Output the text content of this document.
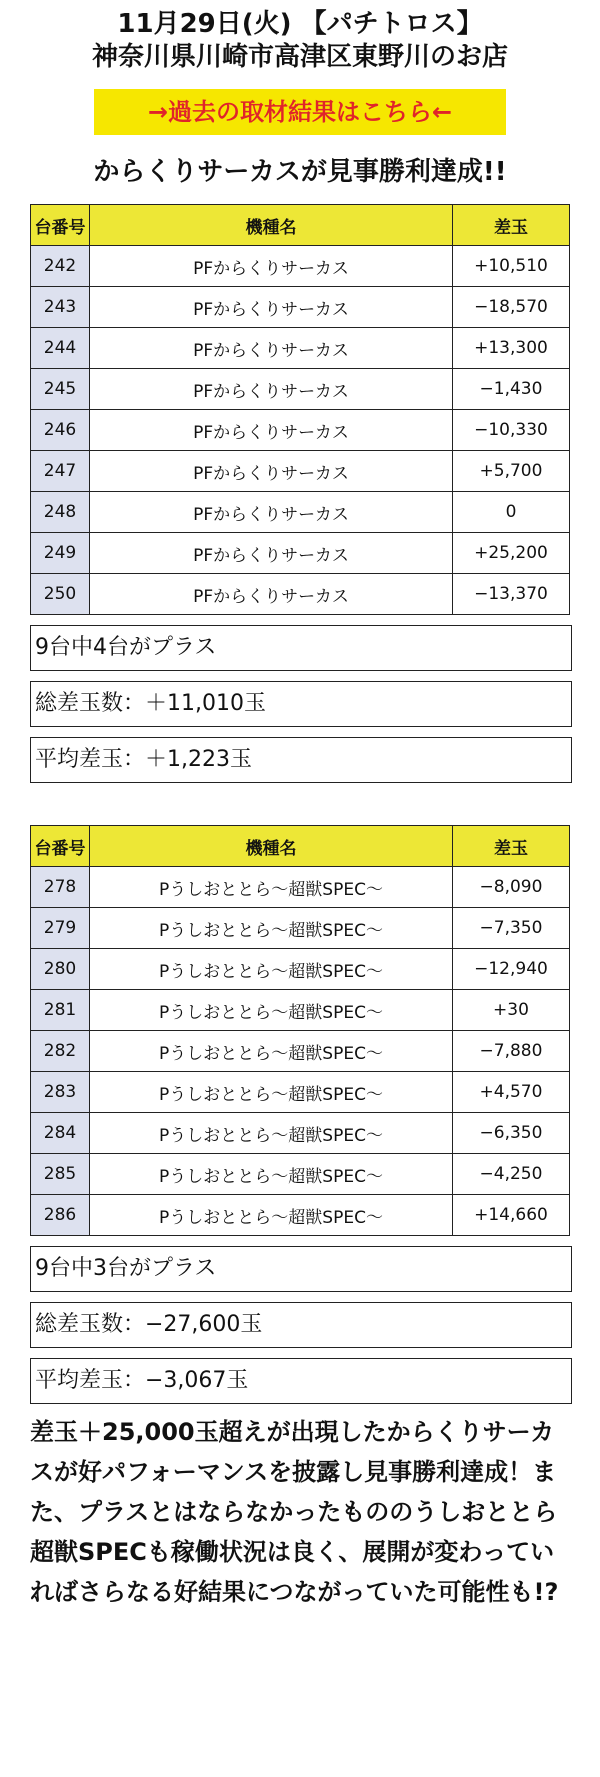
11月29日(火) 【パチトロス】
神奈川県川崎市高津区東野川のお店
→過去の取材結果はこちら←
からくりサーカスが見事勝利達成!!
台番号	機種名	差玉
242	PFからくりサーカス	+10,510
243	PFからくりサーカス	−18,570
244	PFからくりサーカス	+13,300
245	PFからくりサーカス	−1,430
246	PFからくりサーカス	−10,330
247	PFからくりサーカス	+5,700
248	PFからくりサーカス	0
249	PFからくりサーカス	+25,200
250	PFからくりサーカス	−13,370
9台中4台がプラス
総差玉数：＋11,010玉
平均差玉：＋1,223玉
台番号	機種名	差玉
278	Pうしおととら〜超獣SPEC〜	−8,090
279	Pうしおととら〜超獣SPEC〜	−7,350
280	Pうしおととら〜超獣SPEC〜	−12,940
281	Pうしおととら〜超獣SPEC〜	+30
282	Pうしおととら〜超獣SPEC〜	−7,880
283	Pうしおととら〜超獣SPEC〜	+4,570
284	Pうしおととら〜超獣SPEC〜	−6,350
285	Pうしおととら〜超獣SPEC〜	−4,250
286	Pうしおととら〜超獣SPEC〜	+14,660
9台中3台がプラス
総差玉数：−27,600玉
平均差玉：−3,067玉
差玉＋25,000玉超えが出現したからくりサーカスが好パフォーマンスを披露し見事勝利達成！また、プラスとはならなかったもののうしおととら超獣SPECも稼働状況は良く、展開が変わっていればさらなる好結果につながっていた可能性も!?
